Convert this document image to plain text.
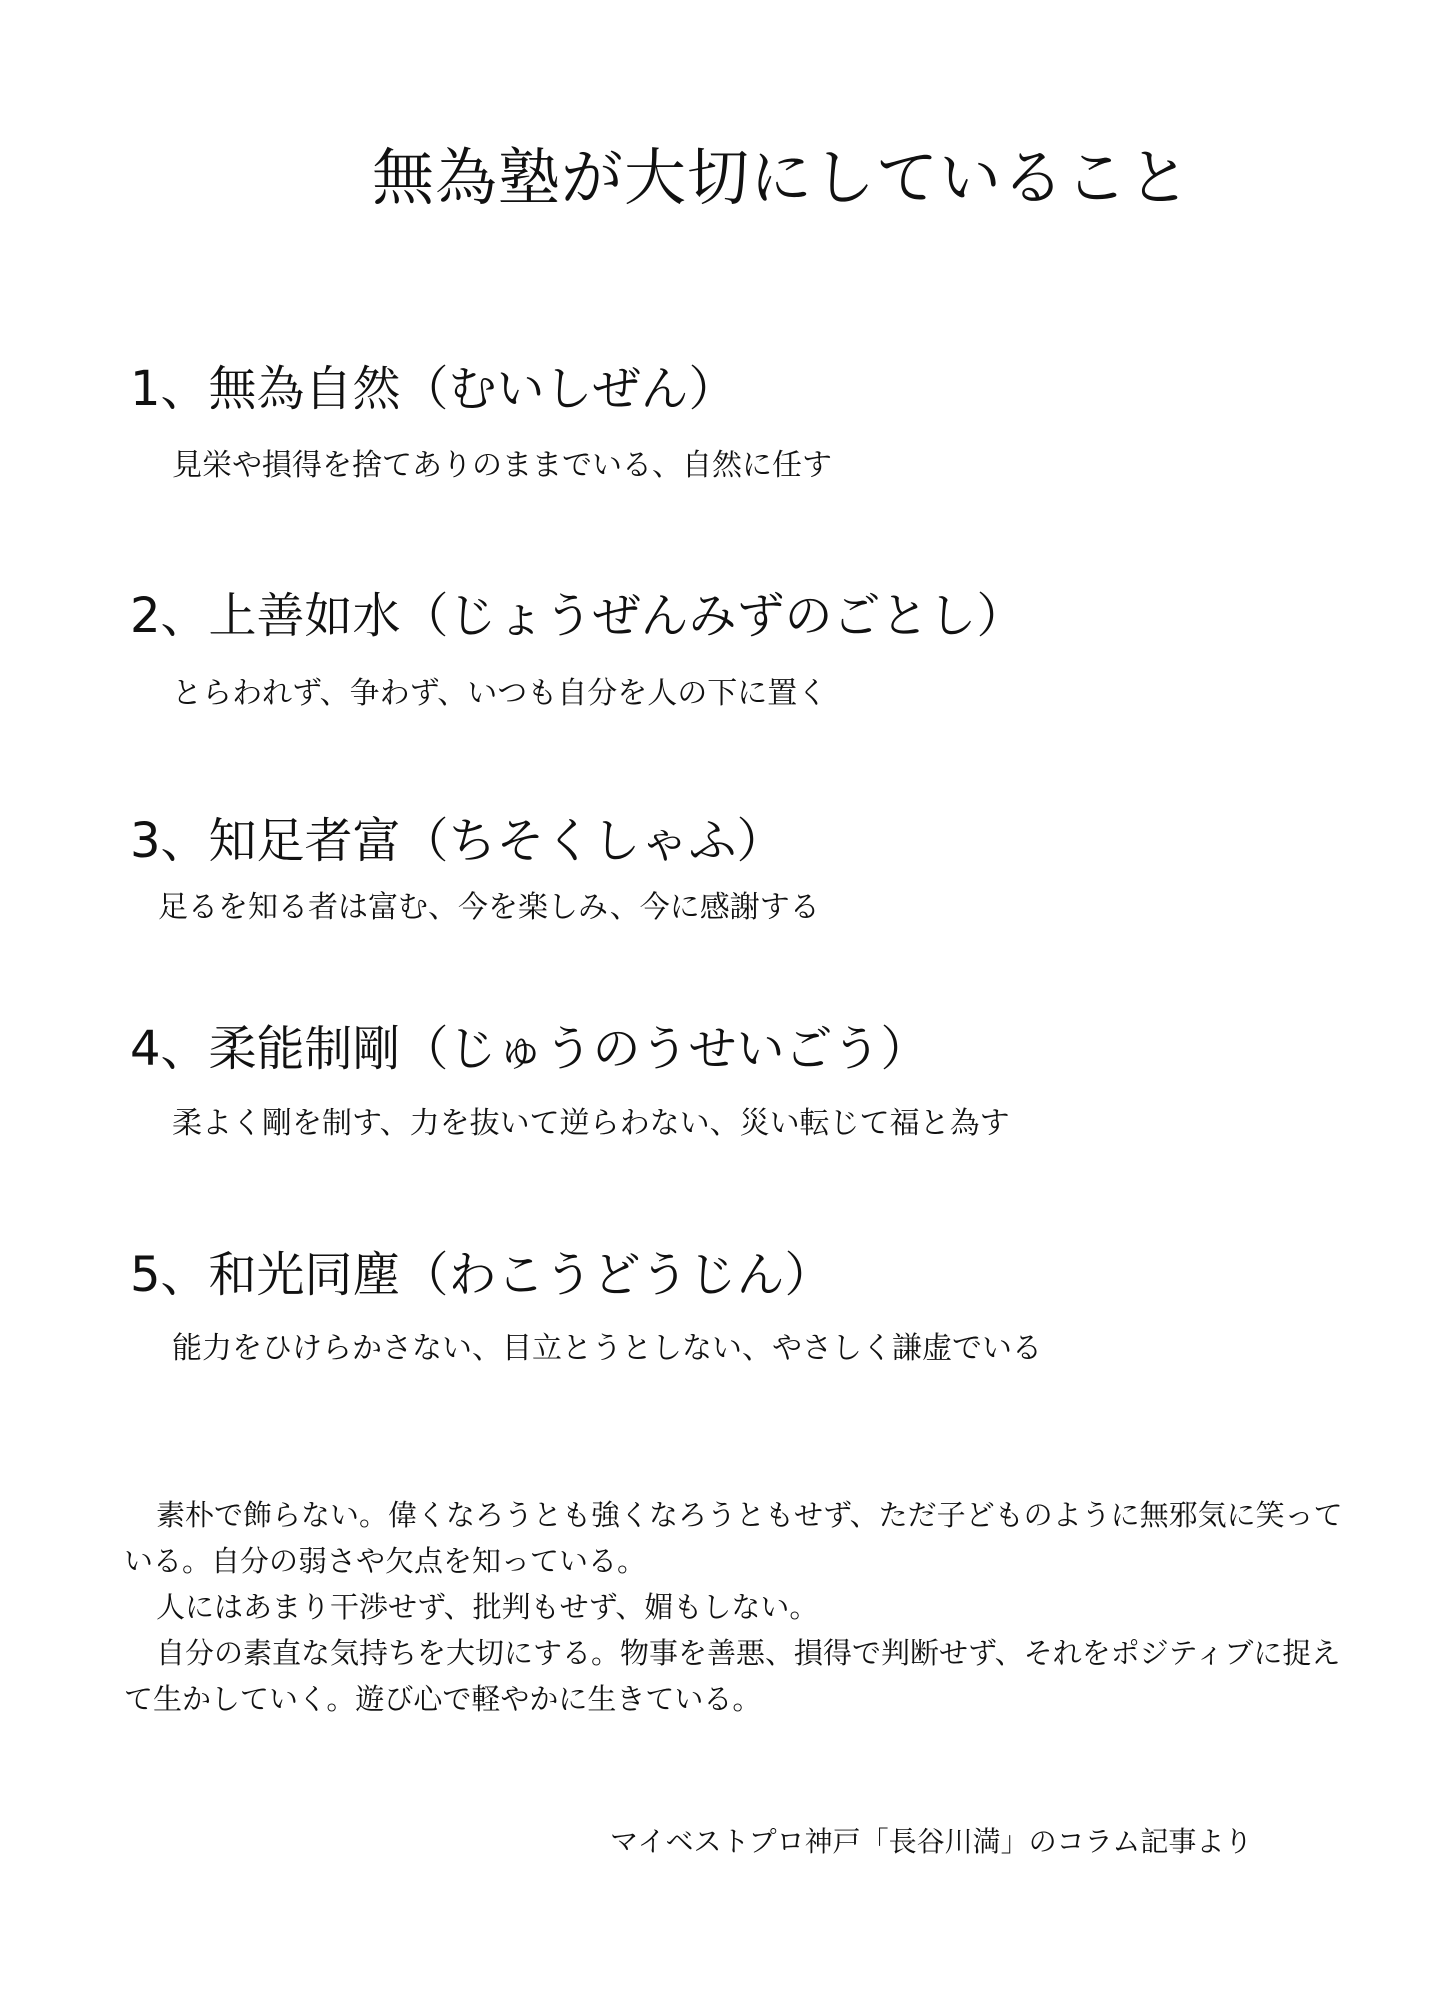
無為塾が大切にしていること
1、無為自然（むいしぜん）

見栄や損得を捨てありのままでいる、自然に任す

2、上善如水（じょうぜんみずのごとし）

とらわれず、争わず、いつも自分を人の下に置く

3、知足者富（ちそくしゃふ）

足るを知る者は富む、今を楽しみ、今に感謝する

4、柔能制剛（じゅうのうせいごう）

柔よく剛を制す、力を抜いて逆らわない、災い転じて福と為す

5、和光同塵（わこうどうじん）

能力をひけらかさない、目立とうとしない、やさしく謙虚でいる

素朴で飾らない。偉くなろうとも強くなろうともせず、ただ子どものように無邪気に笑っている。自分の弱さや欠点を知っている。

人にはあまり干渉せず、批判もせず、媚もしない。

自分の素直な気持ちを大切にする。物事を善悪、損得で判断せず、それをポジティブに捉えて生かしていく。遊び心で軽やかに生きている。

マイベストプロ神戸「長谷川満」のコラム記事より
